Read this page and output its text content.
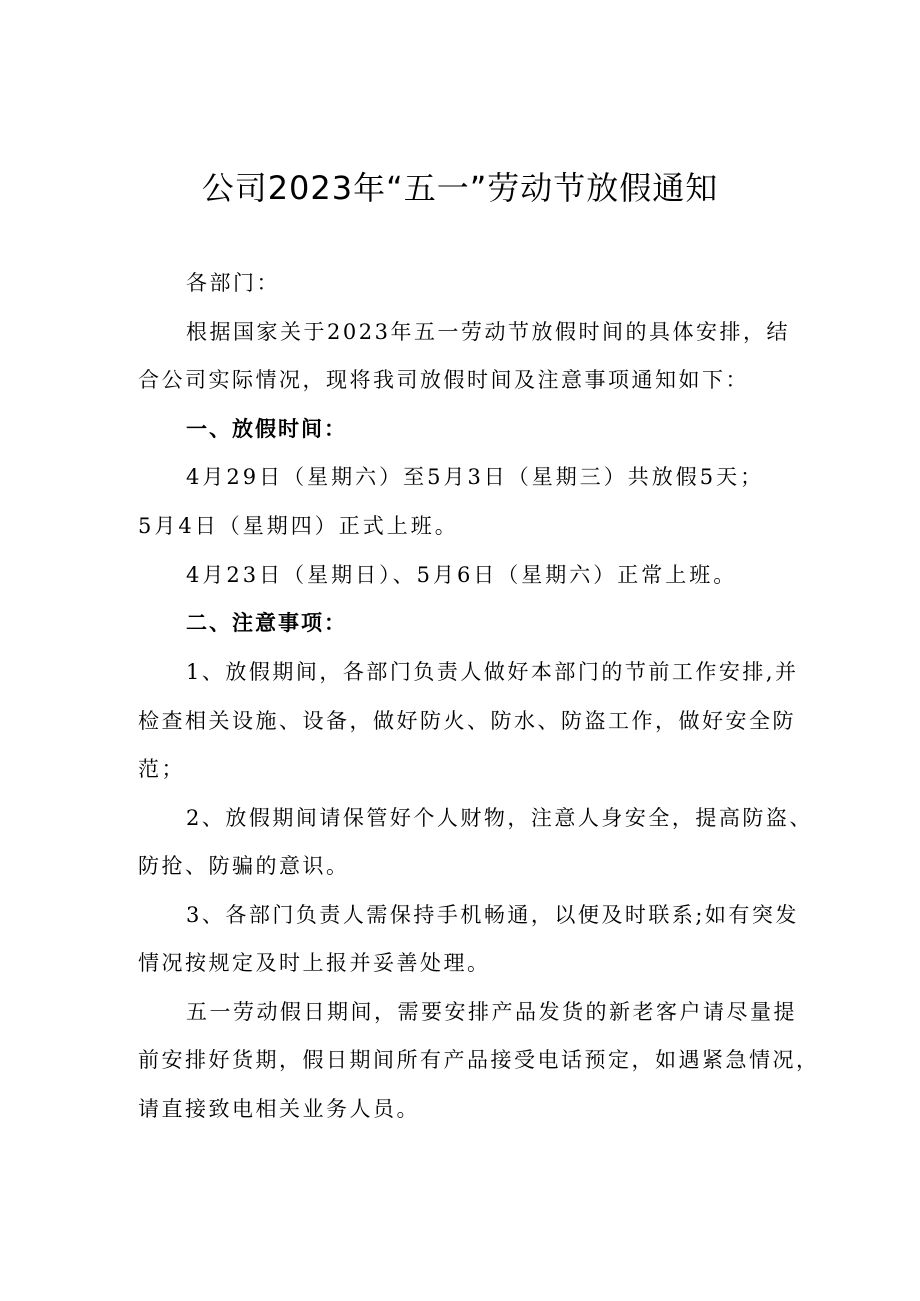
公司2023年“五一”劳动节放假通知

各部门：

根据国家关于2023年五一劳动节放假时间的具体安排，结

合公司实际情况，现将我司放假时间及注意事项通知如下：

一、放假时间：

4月29日（星期六）至5月3日（星期三）共放假5天；

5月4日（星期四）正式上班。

4月23日（星期日）、5月6日（星期六）正常上班。

二、注意事项：

1、放假期间，各部门负责人做好本部门的节前工作安排,并

检查相关设施、设备，做好防火、防水、防盗工作，做好安全防

范；

2、放假期间请保管好个人财物，注意人身安全，提高防盗、

防抢、防骗的意识。

3、各部门负责人需保持手机畅通，以便及时联系;如有突发

情况按规定及时上报并妥善处理。

五一劳动假日期间，需要安排产品发货的新老客户请尽量提

前安排好货期，假日期间所有产品接受电话预定，如遇紧急情况，

请直接致电相关业务人员。
